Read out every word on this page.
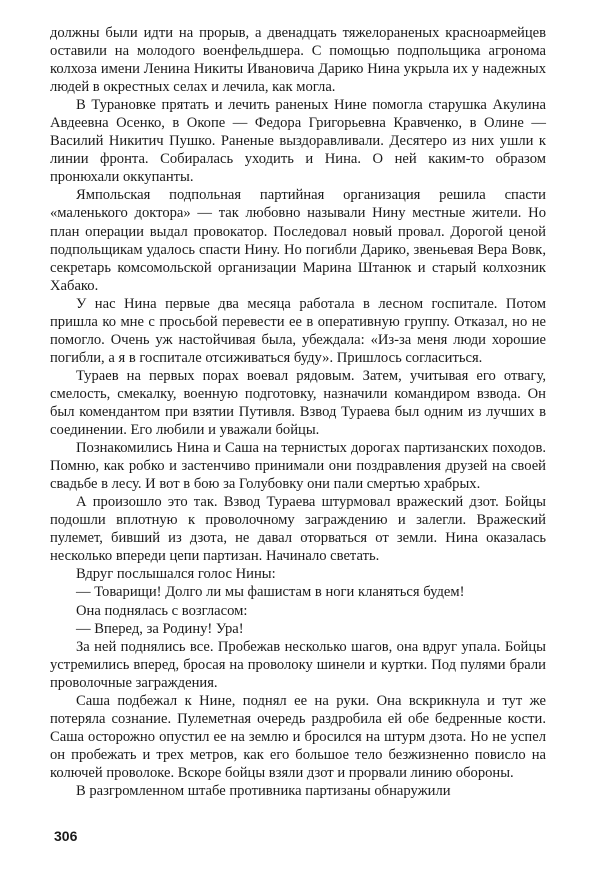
должны были идти на прорыв, а двенадцать тяжелораненых красноармейцев оставили на молодого военфельдшера. С помощью подпольщика агронома колхоза имени Ленина Никиты Ивановича Дарико Нина укрыла их у надежных людей в окрестных селах и лечила, как могла.

В Турановке прятать и лечить раненых Нине помогла старушка Акулина Авдеевна Осенко, в Окопе — Федора Григорьевна Кравченко, в Олине — Василий Никитич Пушко. Раненые выздоравливали. Десятеро из них ушли к линии фронта. Собиралась уходить и Нина. О ней каким-то образом пронюхали оккупанты.

Ямпольская подпольная партийная организация решила спасти «маленького доктора» — так любовно называли Нину местные жители. Но план операции выдал провокатор. Последовал новый провал. Дорогой ценой подпольщикам удалось спасти Нину. Но погибли Дарико, звеньевая Вера Вовк, секретарь комсомольской организации Марина Штанюк и старый колхозник Хабако.

У нас Нина первые два месяца работала в лесном госпитале. Потом пришла ко мне с просьбой перевести ее в оперативную группу. Отказал, но не помогло. Очень уж настойчивая была, убеждала: «Из-за меня люди хорошие погибли, а я в госпитале отсиживаться буду». Пришлось согласиться.

Тураев на первых порах воевал рядовым. Затем, учитывая его отвагу, смелость, смекалку, военную подготовку, назначили командиром взвода. Он был комендантом при взятии Путивля. Взвод Тураева был одним из лучших в соединении. Его любили и уважали бойцы.

Познакомились Нина и Саша на тернистых дорогах партизанских походов. Помню, как робко и застенчиво принимали они поздравления друзей на своей свадьбе в лесу. И вот в бою за Голубовку они пали смертью храбрых.

А произошло это так. Взвод Тураева штурмовал вражеский дзот. Бойцы подошли вплотную к проволочному заграждению и залегли. Вражеский пулемет, бивший из дзота, не давал оторваться от земли. Нина оказалась несколько впереди цепи партизан. Начинало светать.

Вдруг послышался голос Нины:

— Товарищи! Долго ли мы фашистам в ноги кланяться будем!

Она поднялась с возгласом:

— Вперед, за Родину! Ура!

За ней поднялись все. Пробежав несколько шагов, она вдруг упала. Бойцы устремились вперед, бросая на проволоку шинели и куртки. Под пулями брали проволочные заграждения.

Саша подбежал к Нине, поднял ее на руки. Она вскрикнула и тут же потеряла сознание. Пулеметная очередь раздробила ей обе бедренные кости. Саша осторожно опустил ее на землю и бросился на штурм дзота. Но не успел он пробежать и трех метров, как его большое тело безжизненно повисло на колючей проволоке. Вскоре бойцы взяли дзот и прорвали линию обороны.

В разгромленном штабе противника партизаны обнаружили

306
